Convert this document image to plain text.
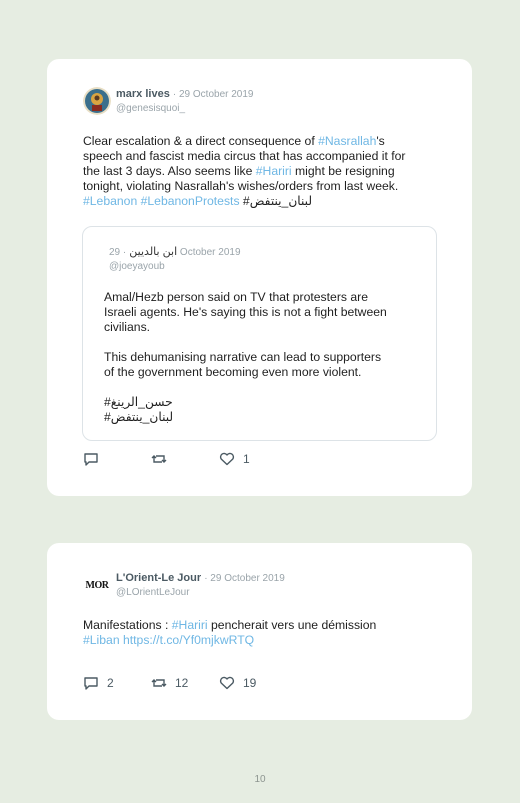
marx lives · 29 October 2019
@genesisquoi_
Clear escalation & a direct consequence of #Nasrallah's
speech and fascist media circus that has accompanied it for
the last 3 days. Also seems like #Hariri might be resigning
tonight, violating Nasrallah's wishes/orders from last week.
#Lebanon #LebanonProtests #لبنان_ينتفض
ابن بالديين · 29 October 2019
@joeyayoub
Amal/Hezb person said on TV that protesters are
Israeli agents. He's saying this is not a fight between
civilians.
This dehumanising narrative can lead to supporters
of the government becoming even more violent.
#حسن_الرينغ
#لبنان_ينتفض
1
MOR
L'Orient-Le Jour · 29 October 2019
@LOrientLeJour
Manifestations : #Hariri pencherait vers une démission
#Liban https://t.co/Yf0mjkwRTQ
2	12	19
10
